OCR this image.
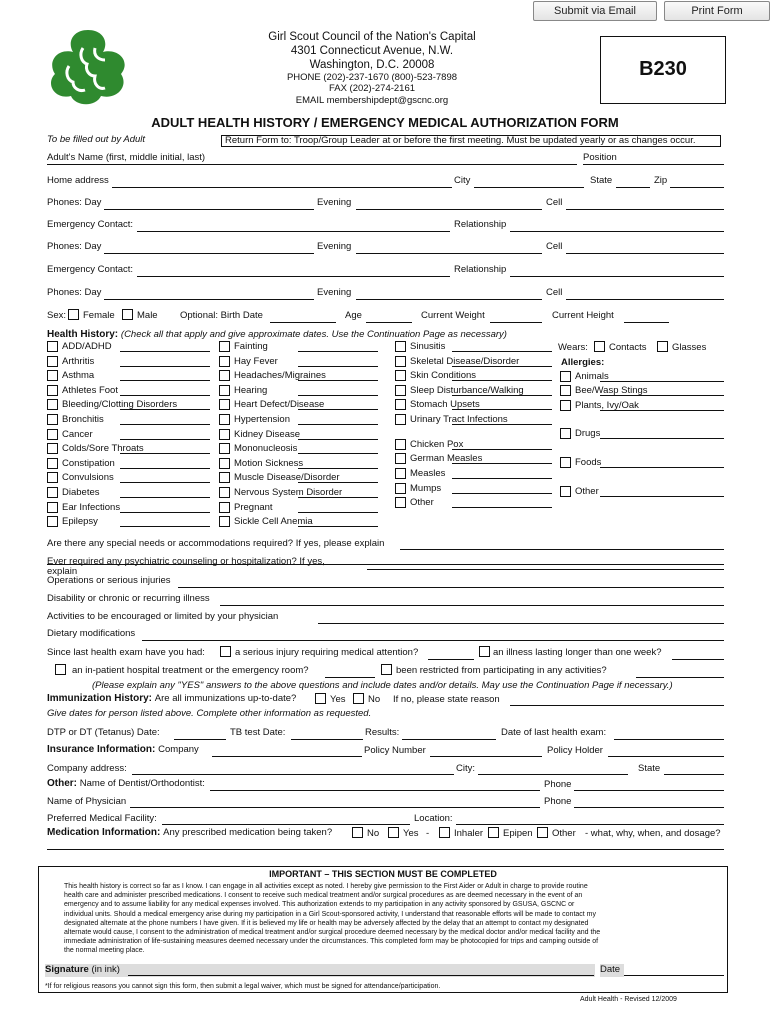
Submit via Email	Print Form
Girl Scout Council of the Nation's Capital
4301 Connecticut Avenue, N.W.
Washington, D.C. 20008
PHONE (202)-237-1670 (800)-523-7898
FAX (202)-274-2161
EMAIL membershipdept@gscnc.org
B230
ADULT HEALTH HISTORY / EMERGENCY MEDICAL AUTHORIZATION FORM
To be filled out by Adult	Return Form to: Troop/Group Leader at or before the first meeting. Must be updated yearly or as changes occur.
Adult's Name (first, middle initial, last)	Position
Home address	City	State	Zip
Phones: Day	Evening	Cell
Emergency Contact:	Relationship
Phones: Day	Evening	Cell
Emergency Contact:	Relationship
Phones: Day	Evening	Cell
Sex: Female Male Optional: Birth Date	Age	Current Weight	Current Height
Health History: (Check all that apply and give approximate dates. Use the Continuation Page as necessary)
ADD/ADHD
Arthritis
Asthma
Athletes Foot
Bleeding/Clotting Disorders
Bronchitis
Cancer
Colds/Sore Throats
Constipation
Convulsions
Diabetes
Ear Infections
Epilepsy
Fainting
Hay Fever
Headaches/Migraines
Hearing
Heart Defect/Disease
Hypertension
Kidney Disease
Mononucleosis
Motion Sickness
Muscle Disease/Disorder
Nervous System Disorder
Pregnant
Sickle Cell Anemia
Sinusitis
Skeletal Disease/Disorder
Skin Conditions
Sleep Disturbance/Walking
Stomach Upsets
Urinary Tract Infections
Chicken Pox
German Measles
Measles
Mumps
Other
Wears: Contacts	Glasses
Allergies:
Animals
Bee/Wasp Stings
Plants, Ivy/Oak
Drugs
Foods
Other
Are there any special needs or accommodations required? If yes, please explain
Ever required any psychiatric counseling or hospitalization? If yes,
explain
Operations or serious injuries
Disability or chronic or recurring illness
Activities to be encouraged or limited by your physician
Dietary modifications
Since last health exam have you had:	a serious injury requiring medical attention?	an illness lasting longer than one week?
an in-patient hospital treatment or the emergency room?	been restricted from participating in any activities?
(Please explain any "YES" answers to the above questions and include dates and/or details. May use the Continuation Page if necessary.)
Immunization History: Are all immunizations up-to-date?	Yes No If no, please state reason
Give dates for person listed above. Complete other information as requested.
DTP or DT (Tetanus) Date:	TB test Date:	Results:	Date of last health exam:
Insurance Information: Company	Policy Number	Policy Holder
Company address:	City:	State
Other: Name of Dentist/Orthodontist:	Phone
Name of Physician	Phone
Preferred Medical Facility:	Location:
Medication Information: Any prescribed medication being taken?	No	Yes -	Inhaler Epipen Other - what, why, when, and dosage?
IMPORTANT – THIS SECTION MUST BE COMPLETED
This health history is correct so far as I know. I can engage in all activities except as noted. I hereby give permission to the First Aider or Adult in charge to provide routine
health care and administer prescribed medications. I consent to receive such medical treatment and/or surgical procedures as are deemed necessary in the event of an
emergency and to assume liability for any medical expenses involved. This authorization extends to my participation in any activity sponsored by GSUSA, GSCNC or
individual units. Should a medical emergency arise during my participation in a Girl Scout-sponsored activity, I understand that reasonable efforts will be made to contact my
designated alternate at the phone numbers I have given. If it is believed my life or health may be adversely affected by the delay that an attempt to contact my designated
alternate would cause, I consent to the administration of medical treatment and/or surgical procedure deemed necessary by the medical doctor and/or medical facility and the
immediate administration of life-sustaining measures deemed necessary under the circumstances. This completed form may be photocopied for trips and camping outside of
the normal meeting place.
Signature (in ink)	Date
*If for religious reasons you cannot sign this form, then submit a legal waiver, which must be signed for attendance/participation.
Adult Health - Revised 12/2009
